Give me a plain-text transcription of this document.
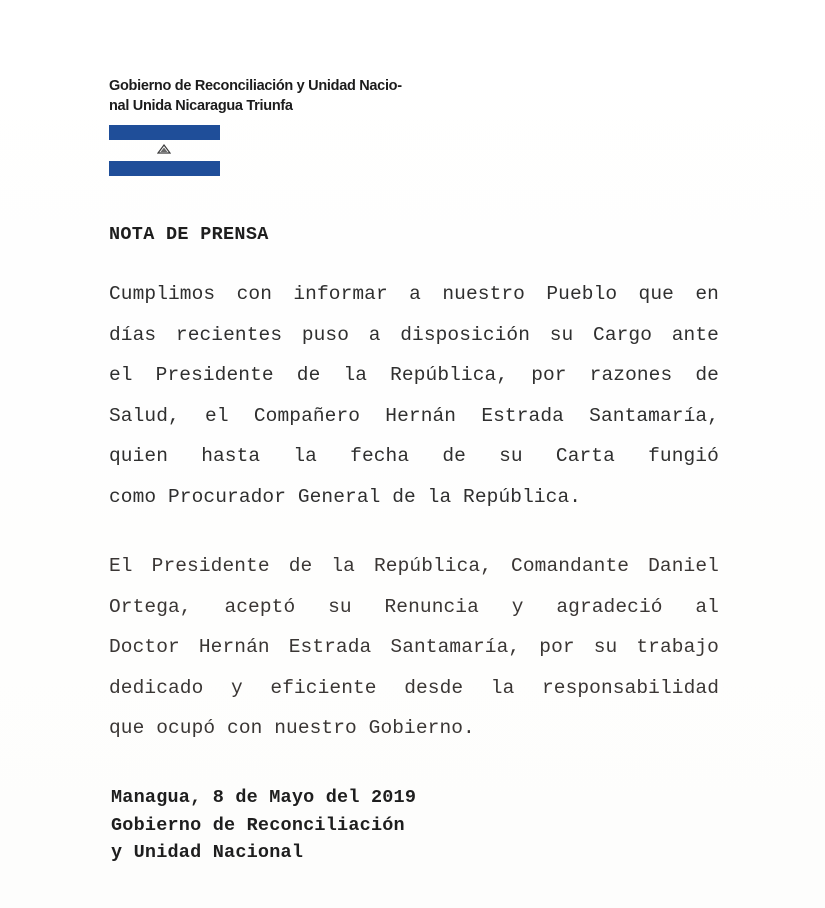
Gobierno de Reconciliación y Unidad Nacio-
nal Unida Nicaragua Triunfa
NOTA DE PRENSA
Cumplimos con informar a nuestro Pueblo que en
días recientes puso a disposición su Cargo ante
el Presidente de la República, por razones de
Salud, el Compañero Hernán Estrada Santamaría,
quien hasta la fecha de su Carta fungió
como Procurador General de la República.
El Presidente de la República, Comandante Daniel
Ortega, aceptó su Renuncia y agradeció al
Doctor Hernán Estrada Santamaría, por su trabajo
dedicado y eficiente desde la responsabilidad
que ocupó con nuestro Gobierno.
Managua, 8 de Mayo del 2019
Gobierno de Reconciliación
y Unidad Nacional
